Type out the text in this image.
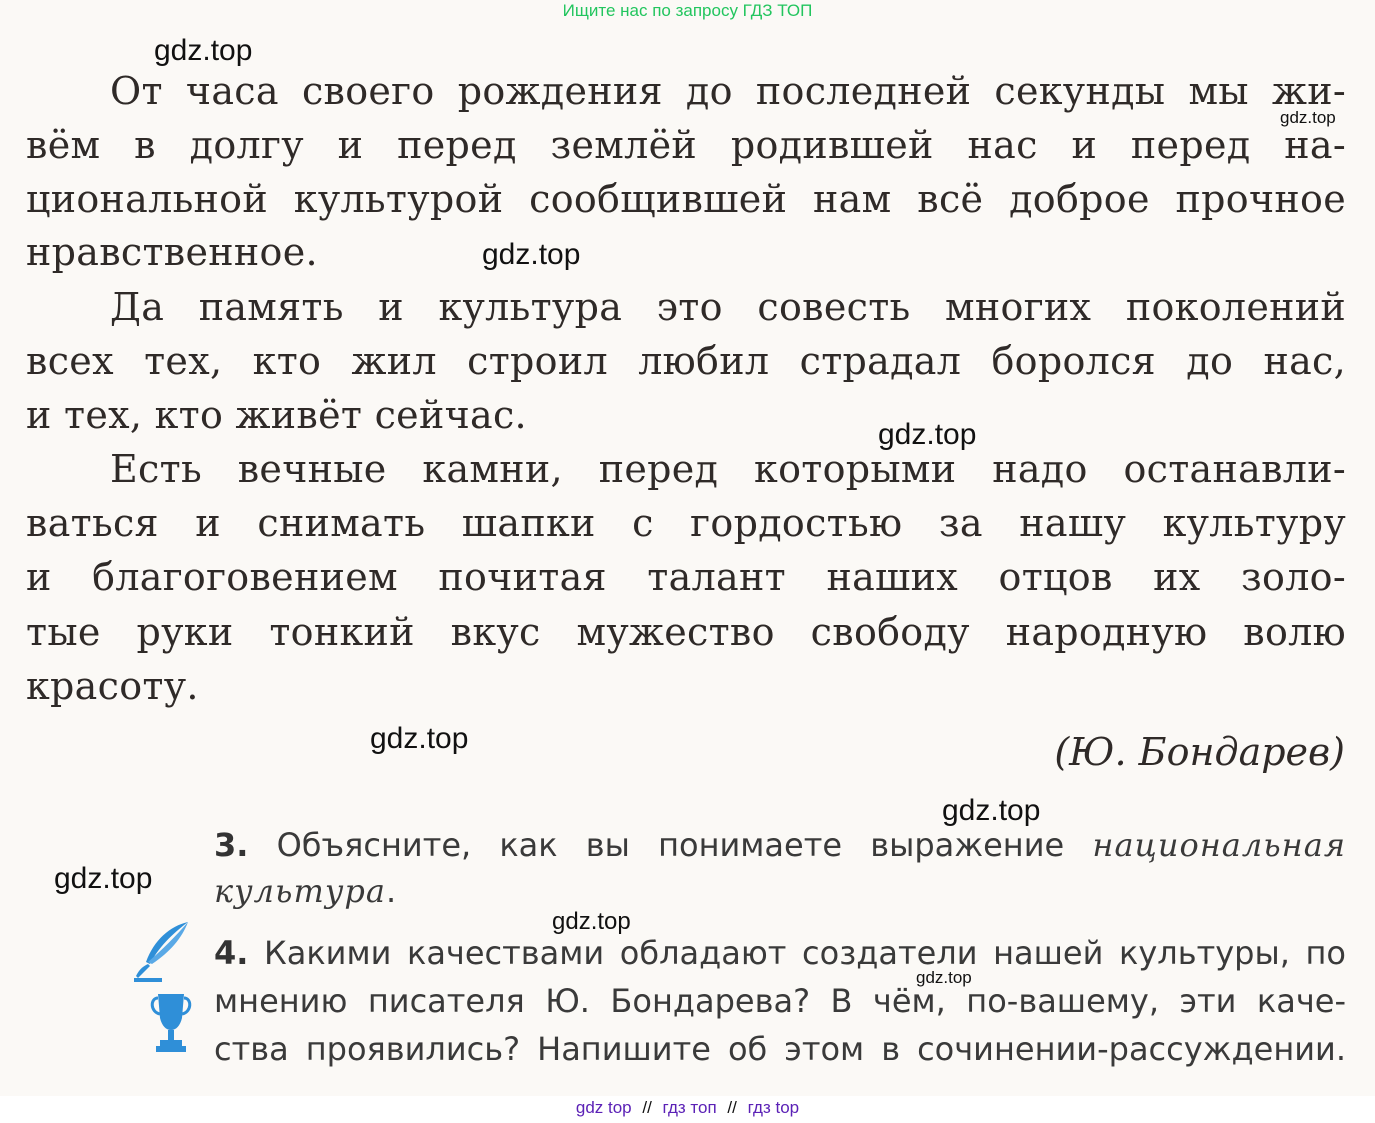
Ищите нас по запросу ГДЗ ТОП
От часа своего рождения до последней секунды мы жи-
вём в долгу и перед землёй родившей нас и перед на-
циональной культурой сообщившей нам всё доброе прочное
нравственное.
Да память и культура это совесть многих поколений
всех тех, кто жил строил любил страдал боролся до нас,
и тех, кто живёт сейчас.
Есть вечные камни, перед которыми надо останавли-
ваться и снимать шапки с гордостью за нашу культуру
и благоговением почитая талант наших отцов их золо-
тые руки тонкий вкус мужество свободу народную волю
красоту.
(Ю. Бондарев)
3. Объясните, как вы понимаете выражение национальная
культура.
4. Какими качествами обладают создатели нашей культуры, по
мнению писателя Ю. Бондарева? В чём, по-вашему, эти каче-
ства проявились? Напишите об этом в сочинении-рассуждении.
gdz.top
gdz.top
gdz.top
gdz.top
gdz.top
gdz.top
gdz.top
gdz.top
gdz.top
gdz top // гдз топ // гдз top
